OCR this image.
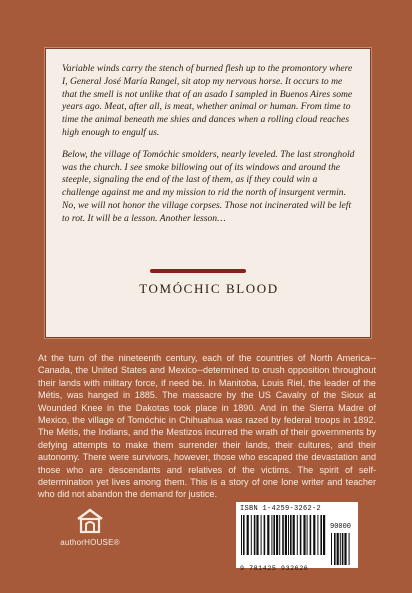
Variable winds carry the stench of burned flesh up to the promontory where I, General José María Rangel, sit atop my nervous horse. It occurs to me that the smell is not unlike that of an asado I sampled in Buenos Aires some years ago. Meat, after all, is meat, whether animal or human. From time to time the animal beneath me shies and dances when a rolling cloud reaches high enough to engulf us.

Below, the village of Tomóchic smolders, nearly leveled. The last stronghold was the church. I see smoke billowing out of its windows and around the steeple, signaling the end of the last of them, as if they could win a challenge against me and my mission to rid the north of insurgent vermin. No, we will not honor the village corpses. Those not incinerated will be left to rot. It will be a lesson. Another lesson…

TOMÓCHIC BLOOD

At the turn of the nineteenth century, each of the countries of North America--Canada, the United States and Mexico--determined to crush opposition throughout their lands with military force, if need be. In Manitoba, Louis Riel, the leader of the Métis, was hanged in 1885. The massacre by the US Cavalry of the Sioux at Wounded Knee in the Dakotas took place in 1890. And in the Sierra Madre of Mexico, the village of Tomóchic in Chihuahua was razed by federal troops in 1892. The Métis, the Indians, and the Mestizos incurred the wrath of their governments by defying attempts to make them surrender their lands, their cultures, and their autonomy. There were survivors, however, those who escaped the devastation and those who are descendants and relatives of the victims. The spirit of self-determination yet lives among them. This is a story of one lone writer and teacher who did not abandon the demand for justice.

authorHOUSE®
ISBN 1-4259-3262-2
90000
9 781425 932626
